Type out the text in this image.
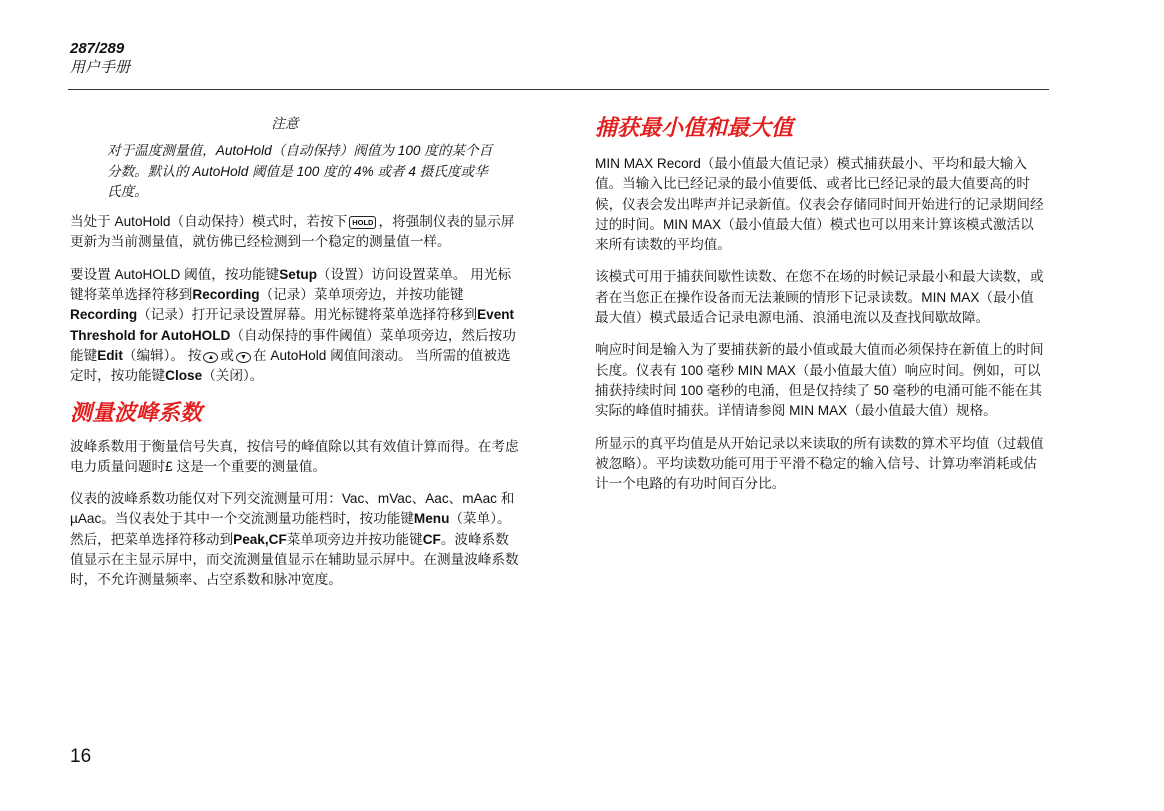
287/289
用户手册
注意
对于温度测量值，AutoHold（自动保持）阀值为 100 度的某个百分数。默认的 AutoHold 阈值是 100 度的 4% 或者 4 摄氏度或华氏度。

当处于 AutoHold（自动保持）模式时，若按下 HOLD ，将强制仪表的显示屏更新为当前测量值，就仿佛已经检测到一个稳定的测量值一样。

要设置 AutoHOLD 阈值，按功能键Setup（设置）访问设置菜单。 用光标键将菜单选择符移到Recording（记录）菜单项旁边，并按功能键Recording（记录）打开记录设置屏幕。用光标键将菜单选择符移到Event Threshold for AutoHOLD（自动保持的事件阈值）菜单项旁边，然后按功能键Edit（编辑）。 按 ▲ 或 ▼ 在 AutoHold 阈值间滚动。 当所需的值被选定时，按功能键Close（关闭）。

测量波峰系数

波峰系数用于衡量信号失真，按信号的峰值除以其有效值计算而得。在考虑电力质量问题时£ 这是一个重要的测量值。

仪表的波峰系数功能仅对下列交流测量可用：Vac、mVac、Aac、mAac 和 µAac。当仪表处于其中一个交流测量功能档时，按功能键Menu（菜单）。然后，把菜单选择符移动到Peak,CF菜单项旁边并按功能键CF。波峰系数值显示在主显示屏中，而交流测量值显示在辅助显示屏中。在测量波峰系数时，不允许测量频率、占空系数和脉冲宽度。

捕获最小值和最大值

MIN MAX Record（最小值最大值记录）模式捕获最小、平均和最大输入值。当输入比已经记录的最小值要低、或者比已经记录的最大值要高的时候，仪表会发出哔声并记录新值。仪表会存储同时间开始进行的记录期间经过的时间。MIN MAX（最小值最大值）模式也可以用来计算该模式激活以来所有读数的平均值。

该模式可用于捕获间歇性读数、在您不在场的时候记录最小和最大读数，或者在当您正在操作设备而无法兼顾的情形下记录读数。MIN MAX（最小值最大值）模式最适合记录电源电涌、浪涌电流以及查找间歇故障。

响应时间是输入为了要捕获新的最小值或最大值而必须保持在新值上的时间长度。仪表有 100 毫秒 MIN MAX（最小值最大值）响应时间。例如，可以捕获持续时间 100 毫秒的电涌，但是仅持续了 50 毫秒的电涌可能不能在其实际的峰值时捕获。详情请参阅 MIN MAX（最小值最大值）规格。

所显示的真平均值是从开始记录以来读取的所有读数的算术平均值（过载值被忽略）。平均读数功能可用于平滑不稳定的输入信号、计算功率消耗或估计一个电路的有功时间百分比。

16
